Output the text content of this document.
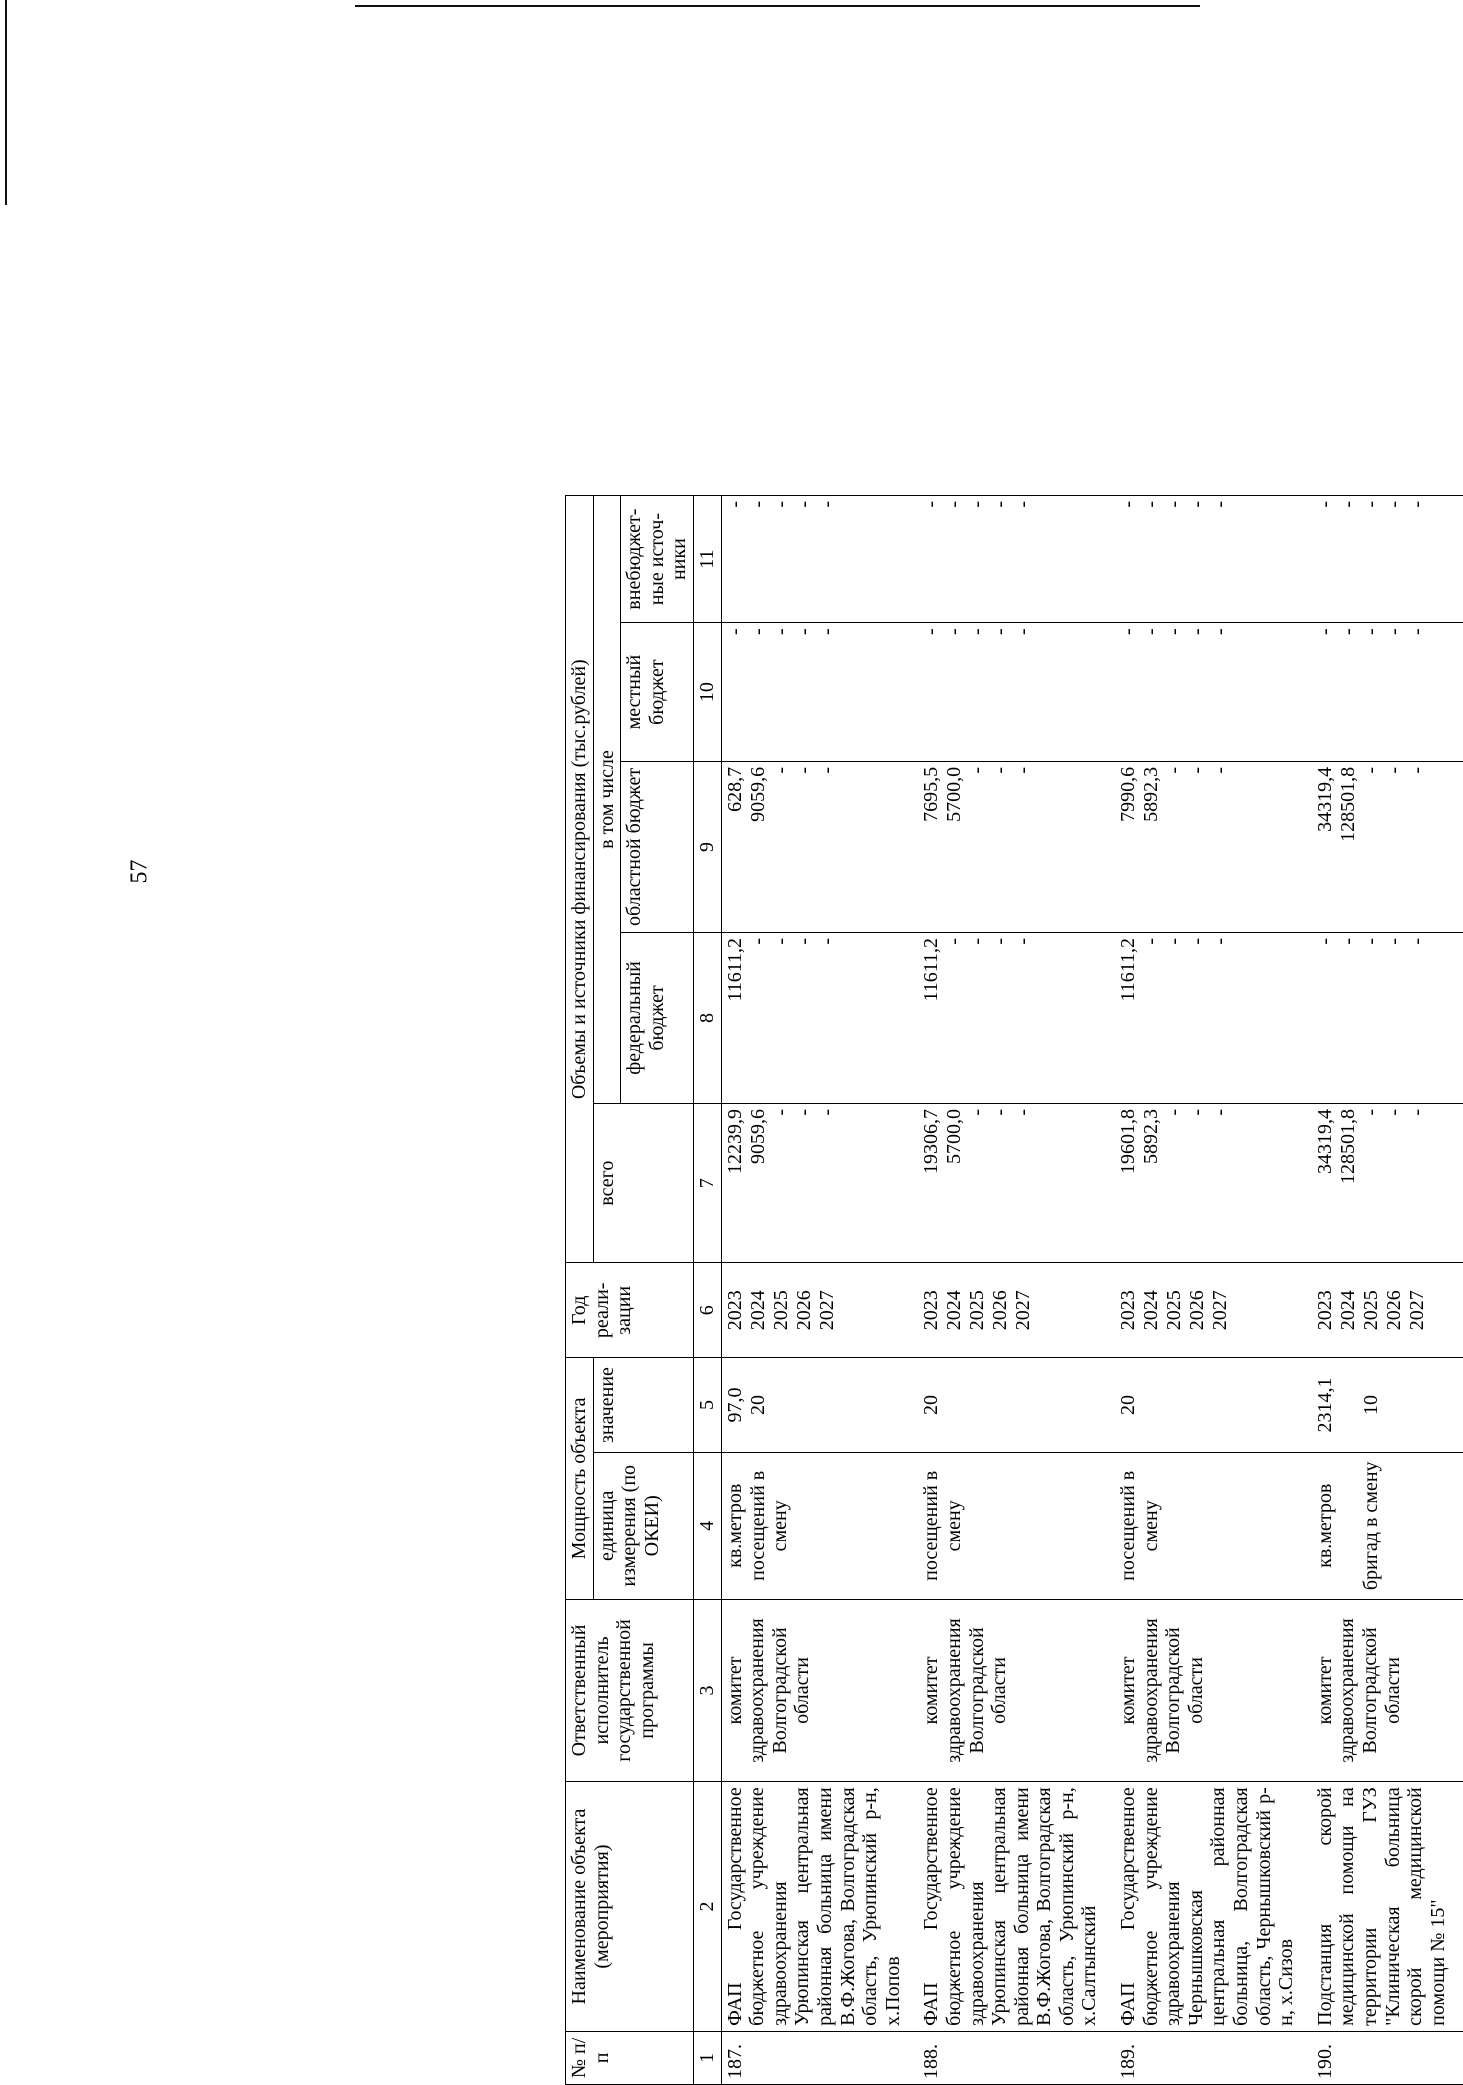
57
№ п/п	Наименование объекта (мероприятия)	Ответственный исполнитель государственной программы	Мощность объекта		Год реали-зации	Объемы и источники финансирования (тыс.рублей)				
			единица измерения (по ОКЕИ)	значение		всего	в том числе			
							федеральный бюджет	областной бюджет	местный бюджет	внебюджет-ные источ-ники
1	2	3	4	5	6	7	8	9	10	11
187.	ФАП Государственное бюджетное учреждение здравоохранения Урюпинская центральная районная больница имени В.Ф.Жогова, Волгоградская область, Урюпинский р-н, х.Попов	комитет здравоохранения Волгоградской области	кв.метров посещений в смену	97,0 20	2023 2024 2025 2026 2027	12239,9 9059,6 - - -	11611,2 - - - -	628,7 9059,6 - - -	- - - - -	- - - - -

188.	ФАП Государственное бюджетное учреждение здравоохранения Урюпинская центральная районная больница имени В.Ф.Жогова, Волгоградская область, Урюпинский р-н, х.Салтынский	комитет здравоохранения Волгоградской области	посещений в смену	20	2023 2024 2025 2026 2027	19306,7 5700,0 - - -	11611,2 - - - -	7695,5 5700,0 - - -	- - - - -	- - - - -

189.	ФАП Государственное бюджетное учреждение здравоохранения Чернышковская центральная районная больница, Волгоградская область, Чернышковский р-н, х.Сизов	комитет здравоохранения Волгоградской области	посещений в смену	20	2023 2024 2025 2026 2027	19601,8 5892,3 - - -	11611,2 - - - -	7990,6 5892,3 - - -	- - - - -	- - - - -

190.	Подстанция скорой медицинской помощи на территории ГУЗ "Клиническая больница скорой медицинской помощи № 15"	комитет здравоохранения Волгоградской области	кв.метров бригад в смену	2314,1 10	2023 2024 2025 2026 2027	34319,4 128501,8 - - -	- - - - -	34319,4 128501,8 - - -	- - - - -	- - - - -
